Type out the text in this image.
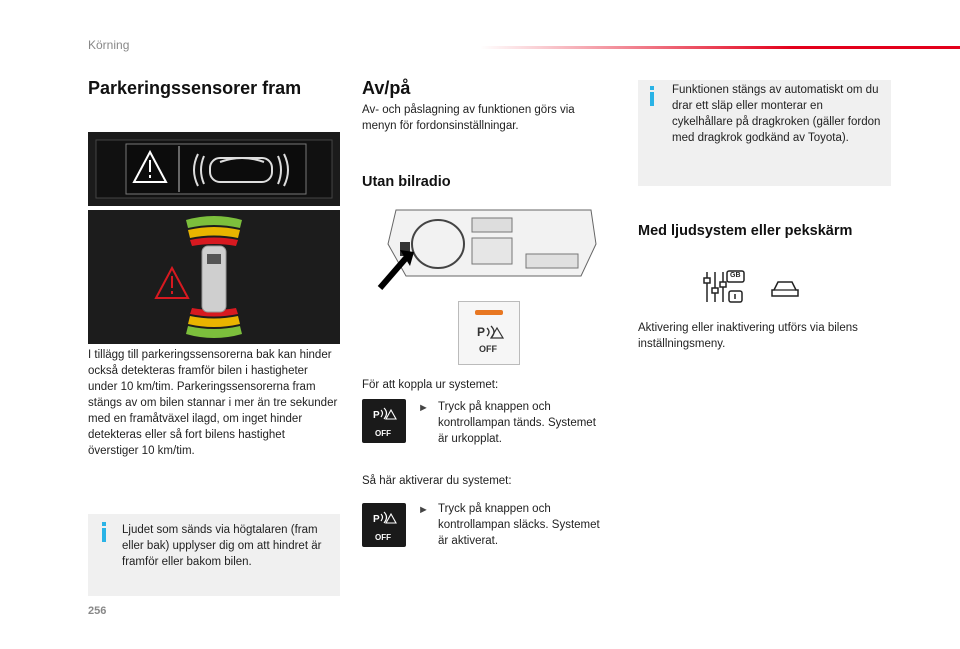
Körning
Parkeringssensorer fram

I tillägg till parkeringssensorerna bak kan hinder också detekteras framför bilen i hastigheter under 10 km/tim. Parkeringssensorerna fram stängs av om bilen stannar i mer än tre sekunder med en framåtväxel ilagd, om inget hinder detekteras eller så fort bilens hastighet överstiger 10 km/tim.

Ljudet som sänds via högtalaren (fram eller bak) upplyser dig om att hindret är framför eller bakom bilen.

Av/på

Av- och påslagning av funktionen görs via menyn för fordonsinställningar.

Utan bilradio
P
OFF

För att koppla ur systemet:

P
OFF
► Tryck på knappen och kontrollampan tänds. Systemet är urkopplat.

Så här aktiverar du systemet:

P
OFF
► Tryck på knappen och kontrollampan släcks. Systemet är aktiverat.

Funktionen stängs av automatiskt om du drar ett släp eller monterar en cykelhållare på dragkroken (gäller fordon med dragkrok godkänd av Toyota).

Med ljudsystem eller pekskärm
GB

Aktivering eller inaktivering utförs via bilens inställningsmeny.

256
